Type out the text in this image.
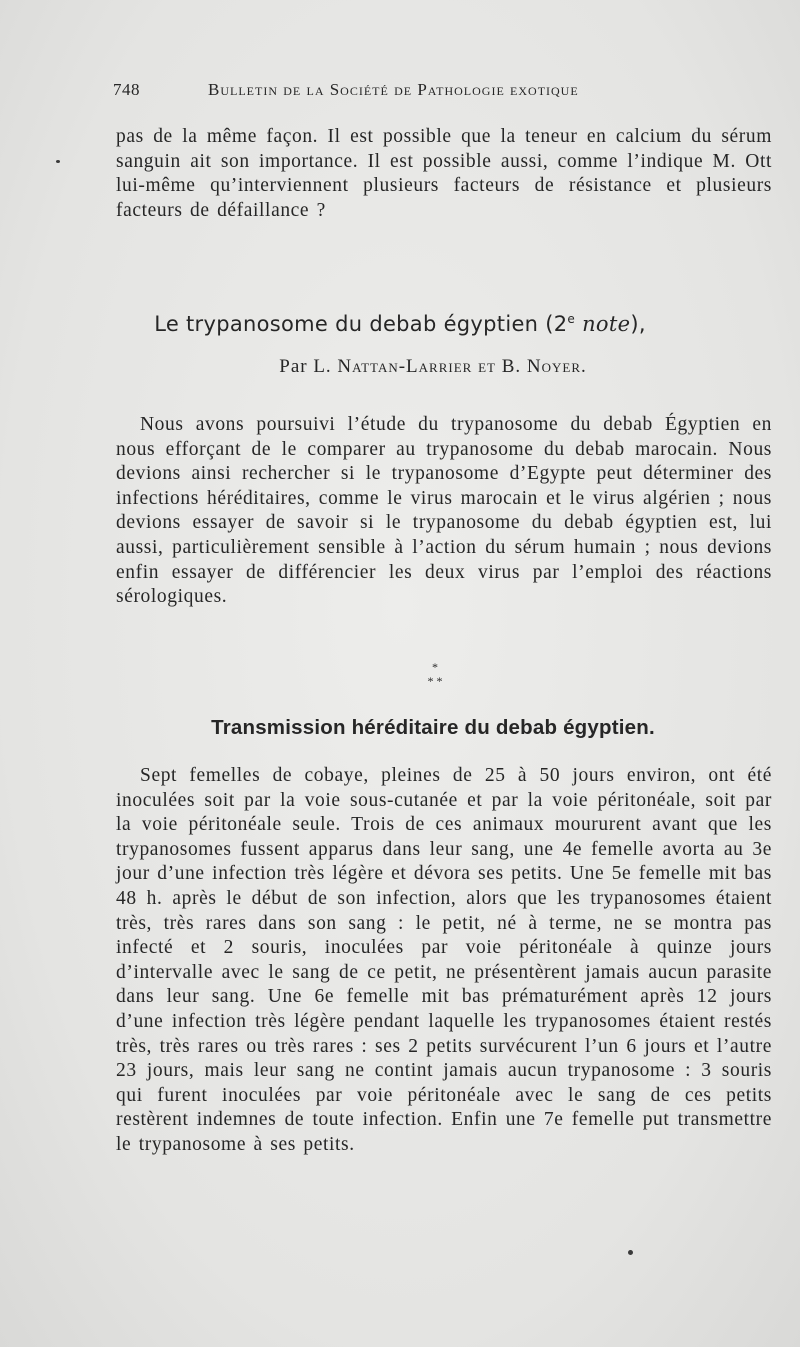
748	Bulletin de la Société de Pathologie exotique
pas de la même façon. Il est possible que la teneur en calcium du sérum sanguin ait son importance. Il est possible aussi, comme l’indique M. Ott lui-même qu’interviennent plusieurs facteurs de résistance et plusieurs facteurs de défaillance ?
Le trypanosome du debab égyptien (2e note),
Par L. Nattan-Larrier et B. Noyer.
Nous avons poursuivi l’étude du trypanosome du debab Égyptien en nous efforçant de le comparer au trypanosome du debab marocain. Nous devions ainsi rechercher si le trypanosome d’Egypte peut déterminer des infections héréditaires, comme le virus marocain et le virus algérien ; nous devions essayer de savoir si le trypanosome du debab égyptien est, lui aussi, particulièrement sensible à l’action du sérum humain ; nous devions enfin essayer de différencier les deux virus par l’emploi des réactions sérologiques.
*
* *
Transmission héréditaire du debab égyptien.
Sept femelles de cobaye, pleines de 25 à 50 jours environ, ont été inoculées soit par la voie sous-cutanée et par la voie péritonéale, soit par la voie péritonéale seule. Trois de ces animaux moururent avant que les trypanosomes fussent apparus dans leur sang, une 4e femelle avorta au 3e jour d’une infection très légère et dévora ses petits. Une 5e femelle mit bas 48 h. après le début de son infection, alors que les trypanosomes étaient très, très rares dans son sang : le petit, né à terme, ne se montra pas infecté et 2 souris, inoculées par voie péritonéale à quinze jours d’intervalle avec le sang de ce petit, ne présentèrent jamais aucun parasite dans leur sang. Une 6e femelle mit bas prématurément après 12 jours d’une infection très légère pendant laquelle les trypanosomes étaient restés très, très rares ou très rares : ses 2 petits survécurent l’un 6 jours et l’autre 23 jours, mais leur sang ne contint jamais aucun trypanosome : 3 souris qui furent inoculées par voie péritonéale avec le sang de ces petits restèrent indemnes de toute infection. Enfin une 7e femelle put transmettre le trypanosome à ses petits.
